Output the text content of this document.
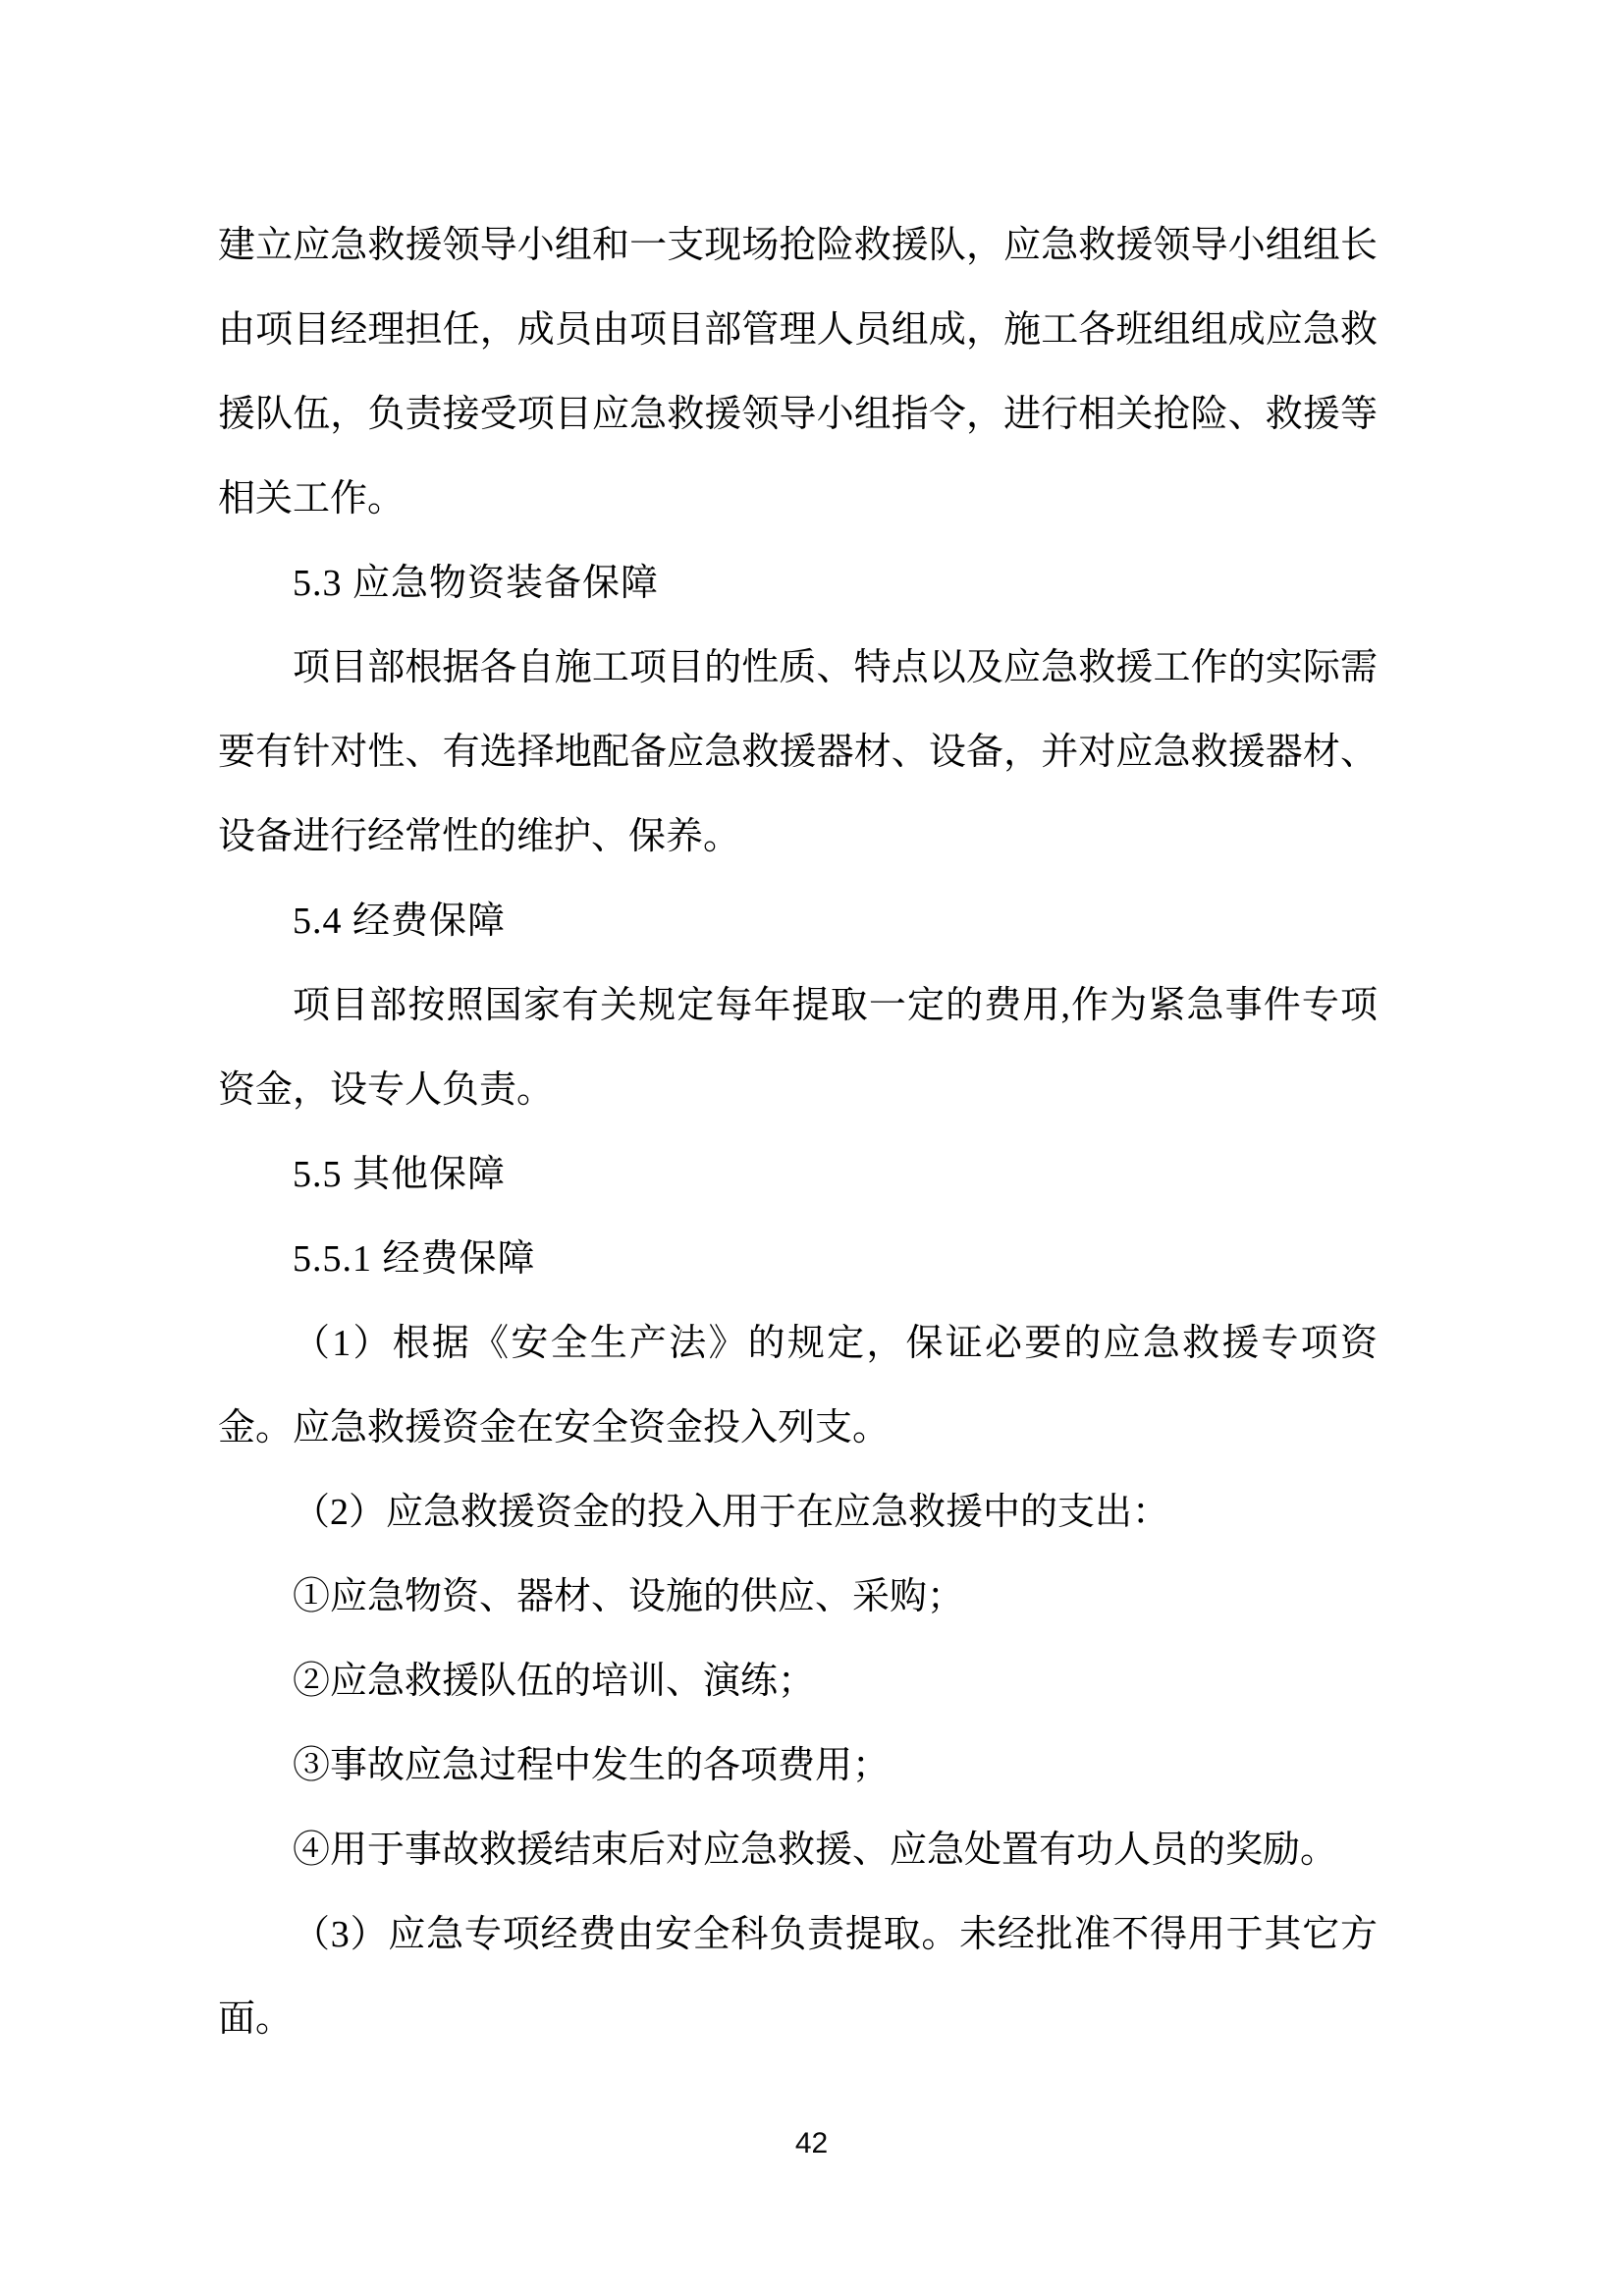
建立应急救援领导小组和一支现场抢险救援队，应急救援领导小组组长由项目经理担任，成员由项目部管理人员组成，施工各班组组成应急救援队伍，负责接受项目应急救援领导小组指令，进行相关抢险、救援等相关工作。

5.3 应急物资装备保障

项目部根据各自施工项目的性质、特点以及应急救援工作的实际需要有针对性、有选择地配备应急救援器材、设备，并对应急救援器材、设备进行经常性的维护、保养。

5.4 经费保障

项目部按照国家有关规定每年提取一定的费用,作为紧急事件专项资金，设专人负责。

5.5 其他保障
5.5.1 经费保障

（1）根据《安全生产法》的规定，保证必要的应急救援专项资金。应急救援资金在安全资金投入列支。

（2）应急救援资金的投入用于在应急救援中的支出：

①应急物资、器材、设施的供应、采购；

②应急救援队伍的培训、演练；

③事故应急过程中发生的各项费用；

④用于事故救援结束后对应急救援、应急处置有功人员的奖励。

（3）应急专项经费由安全科负责提取。未经批准不得用于其它方面。

42
